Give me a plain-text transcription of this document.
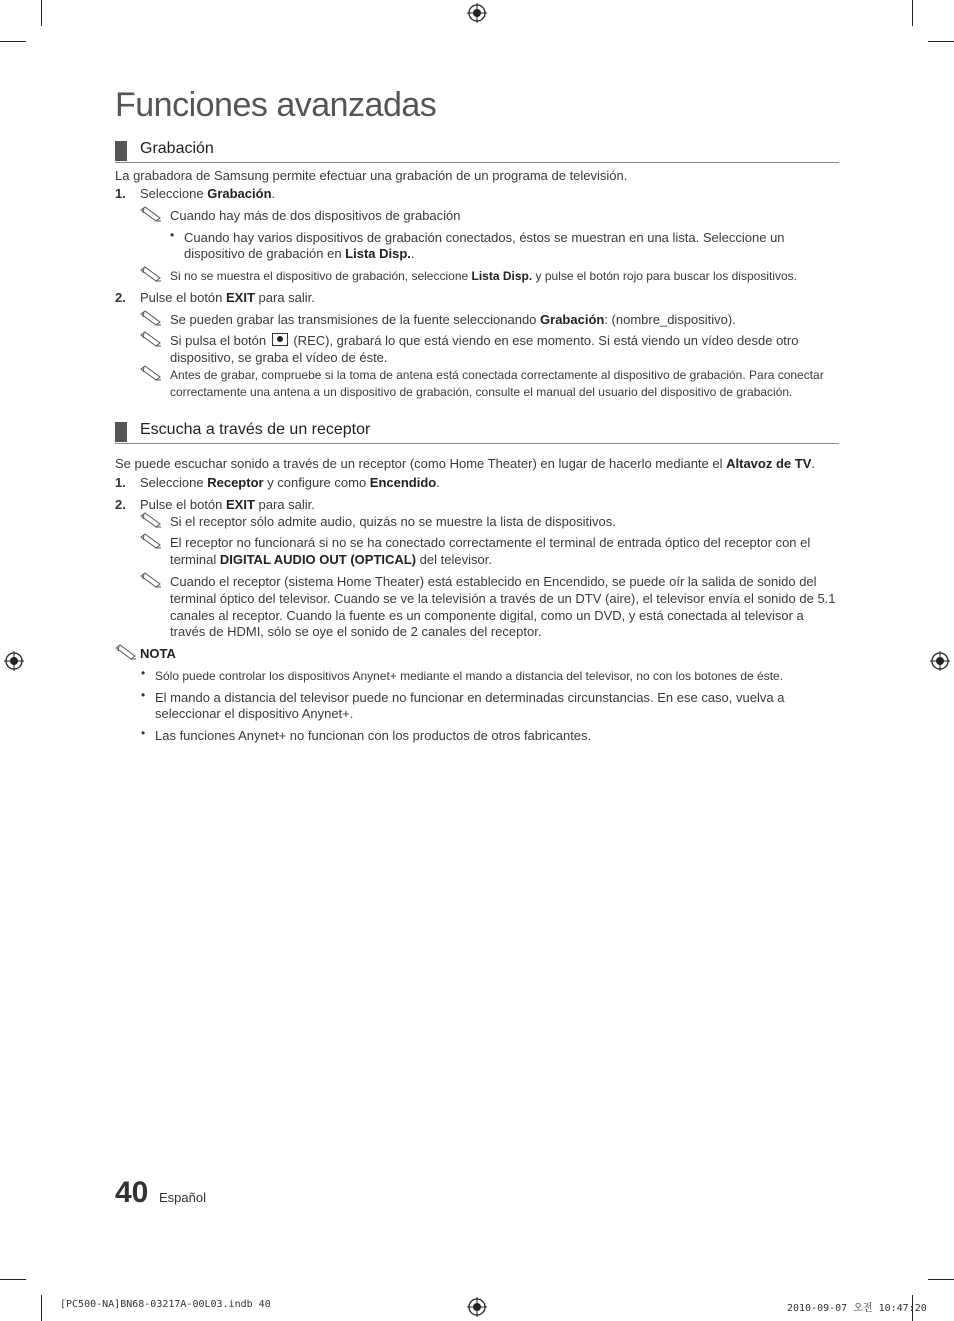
Funciones avanzadas
Grabación
La grabadora de Samsung permite efectuar una grabación de un programa de televisión.
1. Seleccione Grabación.
Cuando hay más de dos dispositivos de grabación
• Cuando hay varios dispositivos de grabación conectados, éstos se muestran en una lista. Seleccione un
dispositivo de grabación en Lista Disp..
Si no se muestra el dispositivo de grabación, seleccione Lista Disp. y pulse el botón rojo para buscar los dispositivos.
2. Pulse el botón EXIT para salir.
Se pueden grabar las transmisiones de la fuente seleccionando Grabación: (nombre_dispositivo).
Si pulsa el botón  (REC), grabará lo que está viendo en ese momento. Si está viendo un vídeo desde otro
dispositivo, se graba el vídeo de éste.
Antes de grabar, compruebe si la toma de antena está conectada correctamente al dispositivo de grabación. Para conectar
correctamente una antena a un dispositivo de grabación, consulte el manual del usuario del dispositivo de grabación.
Escucha a través de un receptor
Se puede escuchar sonido a través de un receptor (como Home Theater) en lugar de hacerlo mediante el Altavoz de TV.
1. Seleccione Receptor y configure como Encendido.
2. Pulse el botón EXIT para salir.
Si el receptor sólo admite audio, quizás no se muestre la lista de dispositivos.
El receptor no funcionará si no se ha conectado correctamente el terminal de entrada óptico del receptor con el
terminal DIGITAL AUDIO OUT (OPTICAL) del televisor.
Cuando el receptor (sistema Home Theater) está establecido en Encendido, se puede oír la salida de sonido del
terminal óptico del televisor. Cuando se ve la televisión a través de un DTV (aire), el televisor envía el sonido de 5.1
canales al receptor. Cuando la fuente es un componente digital, como un DVD, y está conectada al televisor a
través de HDMI, sólo se oye el sonido de 2 canales del receptor.
NOTA
• Sólo puede controlar los dispositivos Anynet+ mediante el mando a distancia del televisor, no con los botones de éste.
• El mando a distancia del televisor puede no funcionar en determinadas circunstancias. En ese caso, vuelva a
seleccionar el dispositivo Anynet+.
• Las funciones Anynet+ no funcionan con los productos de otros fabricantes.
40 Español
[PC500-NA]BN68-03217A-00L03.indb 40	2010-09-07 오전 10:47:20
